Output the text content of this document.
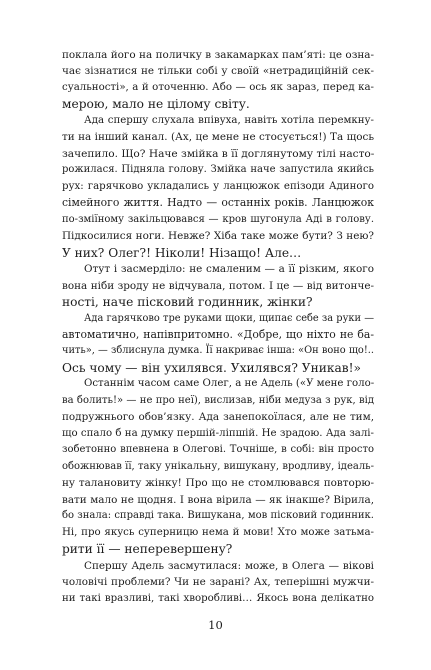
поклала його на поличку в закамарках пам’яті: це озна-
чає зізнатися не тільки собі у своїй «нетрадиційній сек-
суальності», а й оточенню. Або — ось як зараз, перед ка-
мерою, мало не цілому світу.
Ада спершу слухала впівуха, навіть хотіла перемкну-
ти на інший канал. (Ах, це мене не стосується!) Та щось
зачепило. Що? Наче змійка в її доглянутому тілі насто-
рожилася. Підняла голову. Змійка наче запустила якийсь
рух: гарячково укладались у ланцюжок епізоди Адиного
сімейного життя. Надто — останніх років. Ланцюжок
по-зміїному закільцювався — кров шугонула Аді в голову.
Підкосилися ноги. Невже? Хіба таке може бути? З нею?
У них? Олег?! Ніколи! Нізащо! Але…
Отут і засмерділо: не смаленим — а її різким, якого
вона ніби зроду не відчувала, потом. І це — від витонче-
ності, наче пісковий годинник, жінки?
Ада гарячково тре руками щоки, щипає себе за руки —
автоматично, напівпритомно. «Добре, що ніхто не ба-
чить», — зблиснула думка. Її накриває інша: «Он воно що!..
Ось чому — він ухилявся. Ухилявся? Уникав!»
Останнім часом саме Олег, а не Адель («У мене голо-
ва болить!» — не про неї), вислизав, ніби медуза з рук, від
подружнього обов’язку. Ада занепокоїлася, але не тим,
що спало б на думку першій-ліпшій. Не зрадою. Ада залі-
зобетонно впевнена в Олегові. Точніше, в собі: він просто
обожнював її, таку унікальну, вишукану, вродливу, ідеаль-
ну талановиту жінку! Про що не стомлювався повторю-
вати мало не щодня. І вона вірила — як інакше? Вірила,
бо знала: справді така. Вишукана, мов пісковий годинник.
Ні, про якусь суперницю нема й мови! Хто може затьма-
рити її — неперевершену?
Спершу Адель засмутилася: може, в Олега — вікові
чоловічі проблеми? Чи не зарані? Ах, теперішні мужчи-
ни такі вразливі, такі хворобливі… Якось вона делікатно
10
